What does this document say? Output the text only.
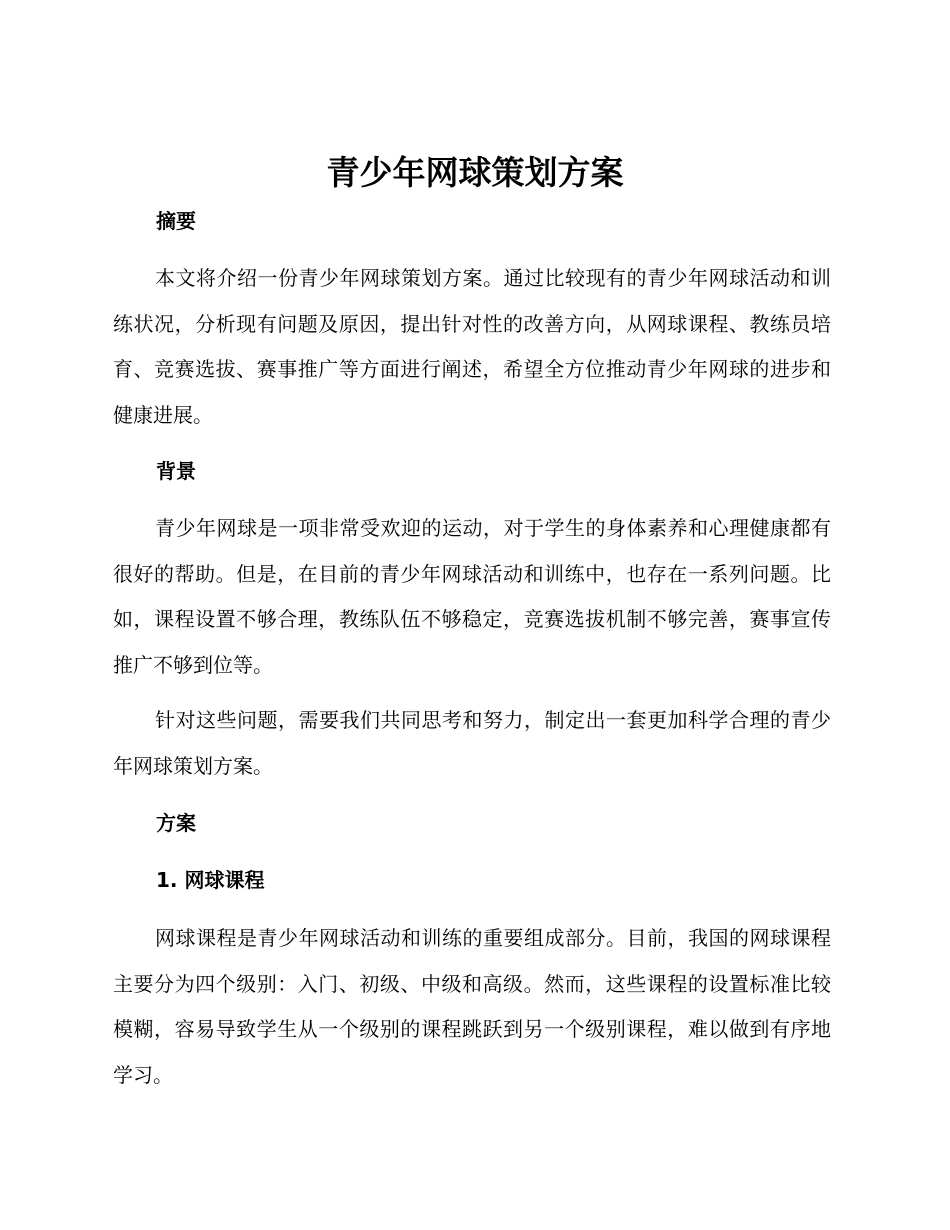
青少年网球策划方案
摘要

本文将介绍一份青少年网球策划方案。通过比较现有的青少年网球活动和训练状况，分析现有问题及原因，提出针对性的改善方向，从网球课程、教练员培育、竞赛选拔、赛事推广等方面进行阐述，希望全方位推动青少年网球的进步和健康进展。

背景

青少年网球是一项非常受欢迎的运动，对于学生的身体素养和心理健康都有很好的帮助。但是，在目前的青少年网球活动和训练中，也存在一系列问题。比如，课程设置不够合理，教练队伍不够稳定，竞赛选拔机制不够完善，赛事宣传推广不够到位等。

针对这些问题，需要我们共同思考和努力，制定出一套更加科学合理的青少年网球策划方案。

方案
1. 网球课程

网球课程是青少年网球活动和训练的重要组成部分。目前，我国的网球课程主要分为四个级别：入门、初级、中级和高级。然而，这些课程的设置标准比较模糊，容易导致学生从一个级别的课程跳跃到另一个级别课程，难以做到有序地学习。
